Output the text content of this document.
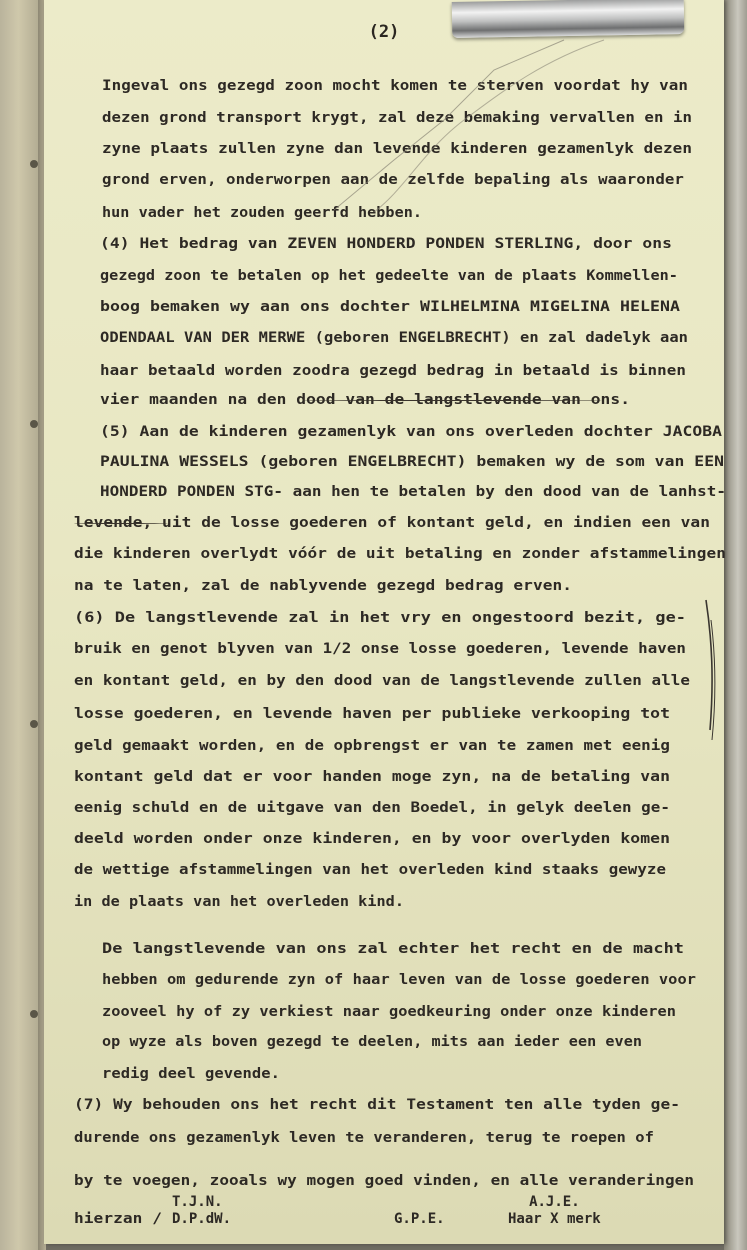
(2)
Ingeval ons gezegd zoon mocht komen te sterven voordat hy van
dezen grond transport krygt, zal deze bemaking vervallen en in
zyne plaats zullen zyne dan levende kinderen gezamenlyk dezen
grond erven, onderworpen aan de zelfde bepaling als waaronder
hun vader het zouden geerfd hebben.
(4) Het bedrag van ZEVEN HONDERD PONDEN STERLING, door ons
gezegd zoon te betalen op het gedeelte van de plaats Kommellen-
boog bemaken wy aan ons dochter WILHELMINA MIGELINA HELENA
ODENDAAL VAN DER MERWE (geboren ENGELBRECHT) en zal dadelyk aan
haar betaald worden zoodra gezegd bedrag in betaald is binnen
vier maanden na den dood van de langstlevende van ons.
(5) Aan de kinderen gezamenlyk van ons overleden dochter JACOBA
PAULINA WESSELS (geboren ENGELBRECHT) bemaken wy de som van EEN
HONDERD PONDEN STG- aan hen te betalen by den dood van de lanhst-
levende, uit de losse goederen of kontant geld, en indien een van
die kinderen overlydt vóór de uit betaling en zonder afstammelingen
na te laten, zal de nablyvende gezegd bedrag erven.
(6) De langstlevende zal in het vry en ongestoord bezit, ge-
bruik en genot blyven van 1/2 onse losse goederen, levende haven
en kontant geld, en by den dood van de langstlevende zullen alle
losse goederen, en levende haven per publieke verkooping tot
geld gemaakt worden, en de opbrengst er van te zamen met eenig
kontant geld dat er voor handen moge zyn, na de betaling van
eenig schuld en de uitgave van den Boedel, in gelyk deelen ge-
deeld worden onder onze kinderen, en by voor overlyden komen
de wettige afstammelingen van het overleden kind staaks gewyze
in de plaats van het overleden kind.
De langstlevende van ons zal echter het recht en de macht
hebben om gedurende zyn of haar leven van de losse goederen voor
zooveel hy of zy verkiest naar goedkeuring onder onze kinderen
op wyze als boven gezegd te deelen, mits aan ieder een even
redig deel gevende.
(7) Wy behouden ons het recht dit Testament ten alle tyden ge-
durende ons gezamenlyk leven te veranderen, terug te roepen of
by te voegen, zooals wy mogen goed vinden, en alle veranderingen
hierzan /
T.J.N.
D.P.dW.	G.P.E.
A.J.E.
Haar X merk
